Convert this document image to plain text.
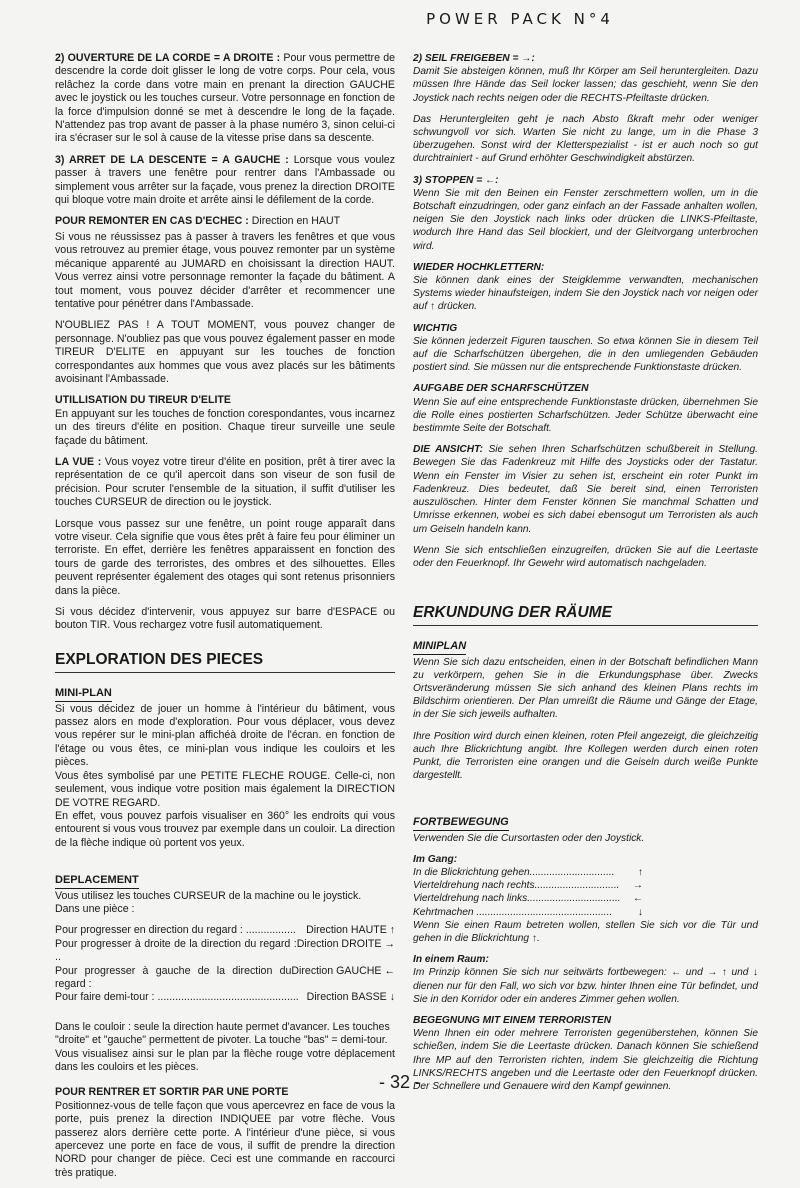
POWER PACK N°4
2) OUVERTURE DE LA CORDE = A DROITE : Pour vous permettre de descendre la corde doit glisser le long de votre corps. Pour cela, vous relâchez la corde dans votre main en prenant la direction GAUCHE avec le joystick ou les touches curseur. Votre personnage en fonction de la force d'impulsion donné se met à descendre le long de la façade. N'attendez pas trop avant de passer à la phase numéro 3, sinon celui-ci ira s'écraser sur le sol à cause de la vitesse prise dans sa descente.
3) ARRET DE LA DESCENTE = A GAUCHE : Lorsque vous voulez passer à travers une fenêtre pour rentrer dans l'Ambassade ou simplement vous arrêter sur la façade, vous prenez la direction DROITE qui bloque votre main droite et arrête ainsi le défilement de la corde.
POUR REMONTER EN CAS D'ECHEC : Direction en HAUT
Si vous ne réussissez pas à passer à travers les fenêtres et que vous vous retrouvez au premier étage, vous pouvez remonter par un système mécanique apparenté au JUMARD en choisissant la direction HAUT. Vous verrez ainsi votre personnage remonter la façade du bâtiment. A tout moment, vous pouvez décider d'arrêter et recommencer une tentative pour pénétrer dans l'Ambassade.
N'OUBLIEZ PAS ! A TOUT MOMENT, vous pouvez changer de personnage. N'oubliez pas que vous pouvez également passer en mode TIREUR D'ELITE en appuyant sur les touches de fonction correspondantes aux hommes que vous avez placés sur les bâtiments avoisinant l'Ambassade.
UTILLISATION DU TIREUR D'ELITE
En appuyant sur les touches de fonction corespondantes, vous incarnez un des tireurs d'élite en position. Chaque tireur surveille une seule façade du bâtiment.
LA VUE : Vous voyez votre tireur d'élite en position, prêt à tirer avec la représentation de ce qu'il apercoit dans son viseur de son fusil de précision. Pour scruter l'ensemble de la situation, il suffit d'utiliser les touches CURSEUR de direction ou le joystick.
Lorsque vous passez sur une fenêtre, un point rouge apparaît dans votre viseur. Cela signifie que vous êtes prêt à faire feu pour éliminer un terroriste. En effet, derrière les fenêtres apparaissent en fonction des tours de garde des terroristes, des ombres et des silhouettes. Elles peuvent représenter également des otages qui sont retenus prisonniers dans la pièce.
Si vous décidez d'intervenir, vous appuyez sur barre d'ESPACE ou bouton TIR. Vous rechargez votre fusil automatiquement.
EXPLORATION DES PIECES
MINI-PLAN
Si vous décidez de jouer un homme à l'intérieur du bâtiment, vous passez alors en mode d'exploration. Pour vous déplacer, vous devez vous repérer sur le mini-plan affichéà droite de l'écran. en fonction de l'étage ou vous êtes, ce mini-plan vous indique les couloirs et les pièces.
Vous êtes symbolisé par une PETITE FLECHE ROUGE. Celle-ci, non seulement, vous indique votre position mais également la DIRECTION DE VOTRE REGARD.
En effet, vous pouvez parfois visualiser en 360° les endroits qui vous entourent si vous vous trouvez par exemple dans un couloir. La direction de la flèche indique où portent vos yeux.
DEPLACEMENT
Vous utilisez les touches CURSEUR de la machine ou le joystick.
Dans une pièce :
Pour progresser en direction du regard : ................. Direction HAUTE ↑
Pour progresser à droite de la direction du regard : ..
Direction DROITE →
Pour progresser à gauche de la direction du regard :
Direction GAUCHE ←
Pour faire demi-tour : ................................................ Direction BASSE ↓
Dans le couloir : seule la direction haute permet d'avancer. Les touches "droite" et "gauche" permettent de pivoter. La touche "bas" = demi-tour.
Vous visualisez ainsi sur le plan par la flèche rouge votre déplacement dans les couloirs et les pièces.
POUR RENTRER ET SORTIR PAR UNE PORTE
Positionnez-vous de telle façon que vous apercevrez en face de vous la porte, puis prenez la direction INDIQUEE par votre flèche. Vous passerez alors derrière cette porte. A l'intérieur d'une pièce, si vous apercevez une porte en face de vous, il suffit de prendre la direction NORD pour changer de pièce. Ceci est une commande en raccourci très pratique.
2) SEIL FREIGEBEN = →:
Damit Sie absteigen können, muß Ihr Körper am Seil heruntergleiten. Dazu müssen Ihre Hände das Seil locker lassen; das geschieht, wenn Sie den Joystick nach rechts neigen oder die RECHTS-Pfeiltaste drücken.
Das Heruntergleiten geht je nach Absto ßkraft mehr oder weniger schwungvoll vor sich. Warten Sie nicht zu lange, um in die Phase 3 überzugehen. Sonst wird der Kletterspezialist - ist er auch noch so gut durchtrainiert - auf Grund erhöhter Geschwindigkeit abstürzen.
3) STOPPEN = ←:
Wenn Sie mit den Beinen ein Fenster zerschmettern wollen, um in die Botschaft einzudringen, oder ganz einfach an der Fassade anhalten wollen, neigen Sie den Joystick nach links oder drücken die LINKS-Pfeiltaste, wodurch Ihre Hand das Seil blockiert, und der Gleitvorgang unterbrochen wird.
WIEDER HOCHKLETTERN:
Sie können dank eines der Steigklemme verwandten, mechanischen Systems wieder hinaufsteigen, indem Sie den Joystick nach vor neigen oder auf ↑ drücken.
WICHTIG
Sie können jederzeit Figuren tauschen. So etwa können Sie in diesem Teil auf die Scharfschützen übergehen, die in den umliegenden Gebäuden postiert sind. Sie müssen nur die entsprechende Funktionstaste drücken.
AUFGABE DER SCHARFSCHÜTZEN
Wenn Sie auf eine entsprechende Funktionstaste drücken, übernehmen Sie die Rolle eines postierten Scharfschützen. Jeder Schütze überwacht eine bestimmte Seite der Botschaft.
DIE ANSICHT: Sie sehen Ihren Scharfschützen schußbereit in Stellung. Bewegen Sie das Fadenkreuz mit Hilfe des Joysticks oder der Tastatur. Wenn ein Fenster im Visier zu sehen ist, erscheint ein roter Punkt im Fadenkreuz. Dies bedeutet, daß Sie bereit sind, einen Terroristen auszulöschen. Hinter dem Fenster können Sie manchmal Schatten und Umrisse erkennen, wobei es sich dabei ebensogut um Terroristen als auch um Geiseln handeln kann.
Wenn Sie sich entschließen einzugreifen, drücken Sie auf die Leertaste oder den Feuerknopf. Ihr Gewehr wird automatisch nachgeladen.
ERKUNDUNG DER RÄUME
MINIPLAN
Wenn Sie sich dazu entscheiden, einen in der Botschaft befindlichen Mann zu verkörpern, gehen Sie in die Erkundungsphase über. Zwecks Ortsveränderung müssen Sie sich anhand des kleinen Plans rechts im Bildschirm orientieren. Der Plan umreißt die Räume und Gänge der Etage, in der Sie sich jeweils aufhalten.
Ihre Position wird durch einen kleinen, roten Pfeil angezeigt, die gleichzeitig auch Ihre Blickrichtung angibt. Ihre Kollegen werden durch einen roten Punkt, die Terroristen eine orangen und die Geiseln durch weiße Punkte dargestellt.
FORTBEWEGUNG
Verwenden Sie die Cursortasten oder den Joystick.
Im Gang:
In die Blickrichtung gehen.............................. ↑
Vierteldrehung nach rechts.............................. →
Vierteldrehung nach links................................. ←
Kehrtmachen ................................................	↓
Wenn Sie einen Raum betreten wollen, stellen Sie sich vor die Tür und gehen in die Blickrichtung ↑.
In einem Raum:
Im Prinzip können Sie sich nur seitwärts fortbewegen: ← und → ↑ und ↓ dienen nur für den Fall, wo sich vor bzw. hinter Ihnen eine Tür befindet, und Sie in den Korridor oder ein anderes Zimmer gehen wollen.
BEGEGNUNG MIT EINEM TERRORISTEN
Wenn Ihnen ein oder mehrere Terroristen gegenüberstehen, können Sie schießen, indem Sie die Leertaste drücken. Danach können Sie schießend Ihre MP auf den Terroristen richten, indem Sie gleichzeitig die Richtung LINKS/RECHTS angeben und die Leertaste oder den Feuerknopf drücken. Der Schnellere und Genauere wird den Kampf gewinnen.
- 32 -
